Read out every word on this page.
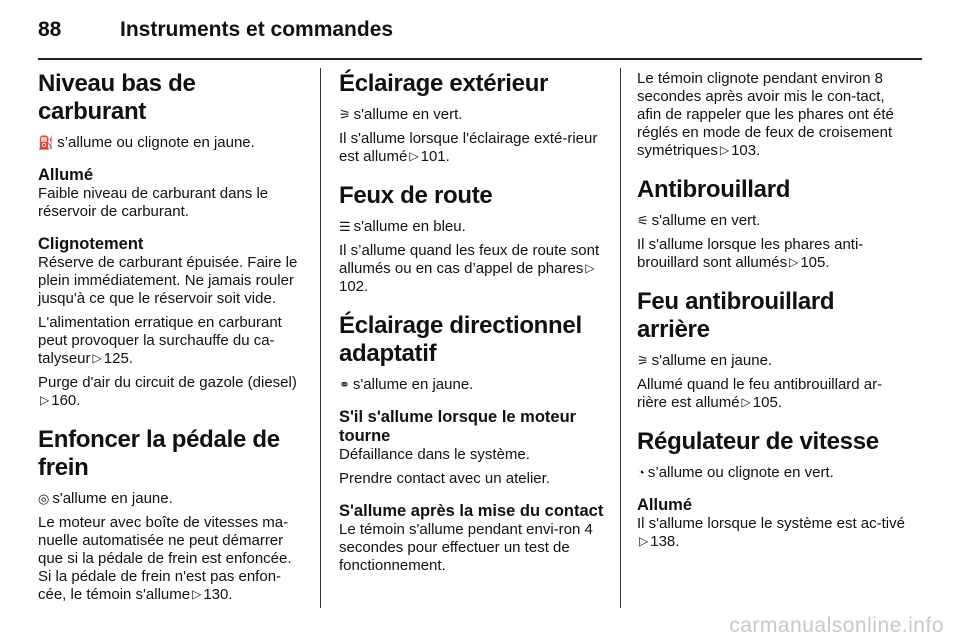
88	Instruments et commandes
Niveau bas de carburant

⛽ s’allume ou clignote en jaune.

Allumé

Faible niveau de carburant dans le réservoir de carburant.

Clignotement

Réserve de carburant épuisée. Faire le plein immédiatement. Ne jamais rouler jusqu'à ce que le réservoir soit vide.

L'alimentation erratique en carburant peut provoquer la surchauffe du ca-talyseur ▷ 125.

Purge d'air du circuit de gazole (diesel)▷ 160.

Enfoncer la pédale de frein

◎ s'allume en jaune.

Le moteur avec boîte de vitesses ma-nuelle automatisée ne peut démarrer que si la pédale de frein est enfoncée. Si la pédale de frein n'est pas enfon-cée, le témoin s'allume ▷ 130.

Éclairage extérieur

⚞ s'allume en vert.

Il s'allume lorsque l'éclairage exté-rieur est allumé ▷ 101.

Feux de route

☰ s'allume en bleu.

Il s’allume quand les feux de route sont allumés ou en cas d’appel de phares ▷102.

Éclairage directionnel adaptatif

⚭ s'allume en jaune.

S'il s'allume lorsque le moteur tourne

Défaillance dans le système.

Prendre contact avec un atelier.

S'allume après la mise du contact

Le témoin s'allume pendant envi-ron 4 secondes pour effectuer un test de fonctionnement.

Le témoin clignote pendant environ 8 secondes après avoir mis le con-tact, afin de rappeler que les phares ont été réglés en mode de feux de croisement symétriques ▷ 103.

Antibrouillard

⚟ s'allume en vert.

Il s'allume lorsque les phares anti-brouillard sont allumés ▷ 105.

Feu antibrouillard arrière

⚞ s'allume en jaune.

Allumé quand le feu antibrouillard ar-rière est allumé ▷ 105.

Régulateur de vitesse

◔ s’allume ou clignote en vert.

Allumé

Il s'allume lorsque le système est ac-tivé▷ 138.

carmanualsonline.info
